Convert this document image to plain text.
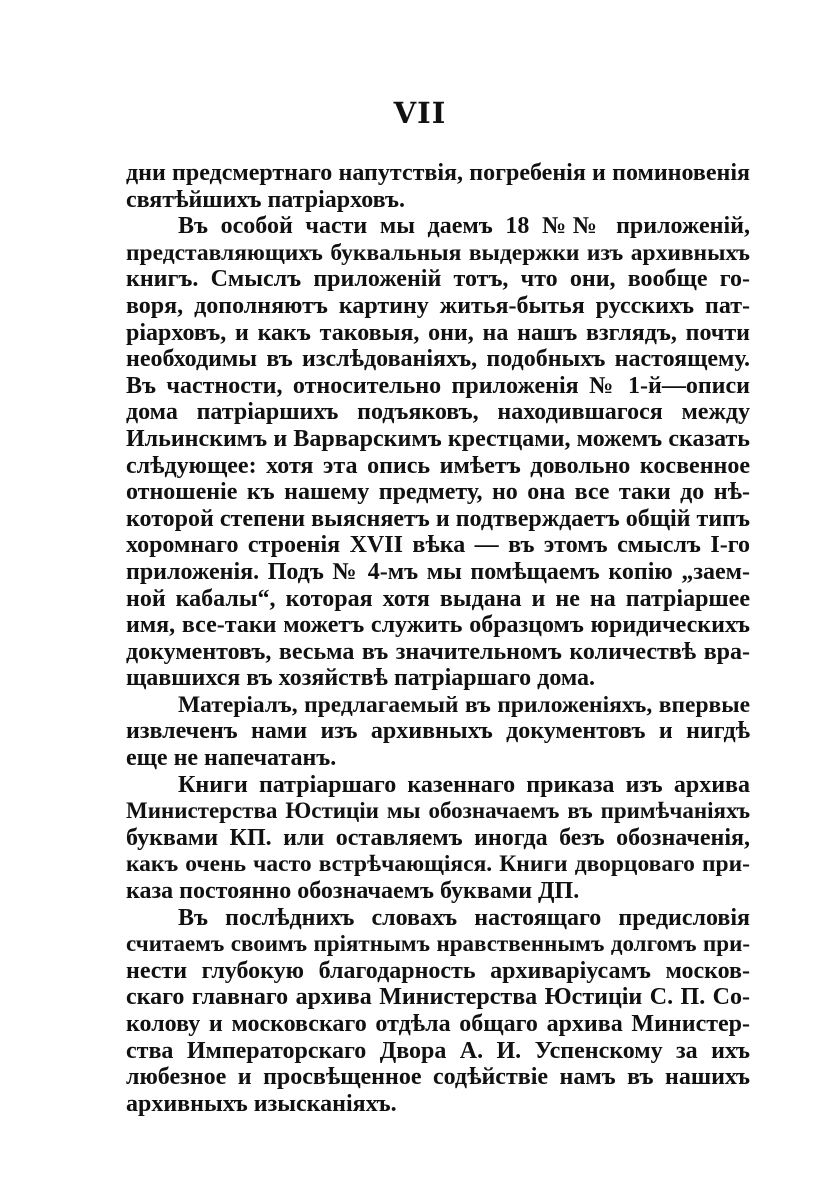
VII
дни предсмертнаго напутствія, погребенія и поминовенія
святѣйшихъ патріарховъ.
Въ особой части мы даемъ 18 №№ приложеній,
представляющихъ буквальныя выдержки изъ архивныхъ
книгъ. Смыслъ приложеній тотъ, что они, вообще го-
воря, дополняютъ картину житья-бытья русскихъ пат-
ріарховъ, и какъ таковыя, они, на нашъ взглядъ, почти
необходимы въ изслѣдованіяхъ, подобныхъ настоящему.
Въ частности, относительно приложенія № 1-й—описи
дома патріаршихъ подъяковъ, находившагося между
Ильинскимъ и Варварскимъ крестцами, можемъ сказать
слѣдующее: хотя эта опись имѣетъ довольно косвенное
отношеніе къ нашему предмету, но она все таки до нѣ-
которой степени выясняетъ и подтверждаетъ общій типъ
хоромнаго строенія XVII вѣка — въ этомъ смыслъ І-го
приложенія. Подъ № 4-мъ мы помѣщаемъ копію „заем-
ной кабалы“, которая хотя выдана и не на патріаршее
имя, все-таки можетъ служить образцомъ юридическихъ
документовъ, весьма въ значительномъ количествѣ вра-
щавшихся въ хозяйствѣ патріаршаго дома.
Матеріалъ, предлагаемый въ приложеніяхъ, впервые
извлеченъ нами изъ архивныхъ документовъ и нигдѣ
еще не напечатанъ.
Книги патріаршаго казеннаго приказа изъ архива
Министерства Юстиціи мы обозначаемъ въ примѣчаніяхъ
буквами КП. или оставляемъ иногда безъ обозначенія,
какъ очень часто встрѣчающіяся. Книги дворцоваго при-
каза постоянно обозначаемъ буквами ДП.
Въ послѣднихъ словахъ настоящаго предисловія
считаемъ своимъ пріятнымъ нравственнымъ долгомъ при-
нести глубокую благодарность архиваріусамъ москов-
скаго главнаго архива Министерства Юстиціи С. П. Со-
колову и московскаго отдѣла общаго архива Министер-
ства Императорскаго Двора А. И. Успенскому за ихъ
любезное и просвѣщенное содѣйствіе намъ въ нашихъ
архивныхъ изысканіяхъ.
